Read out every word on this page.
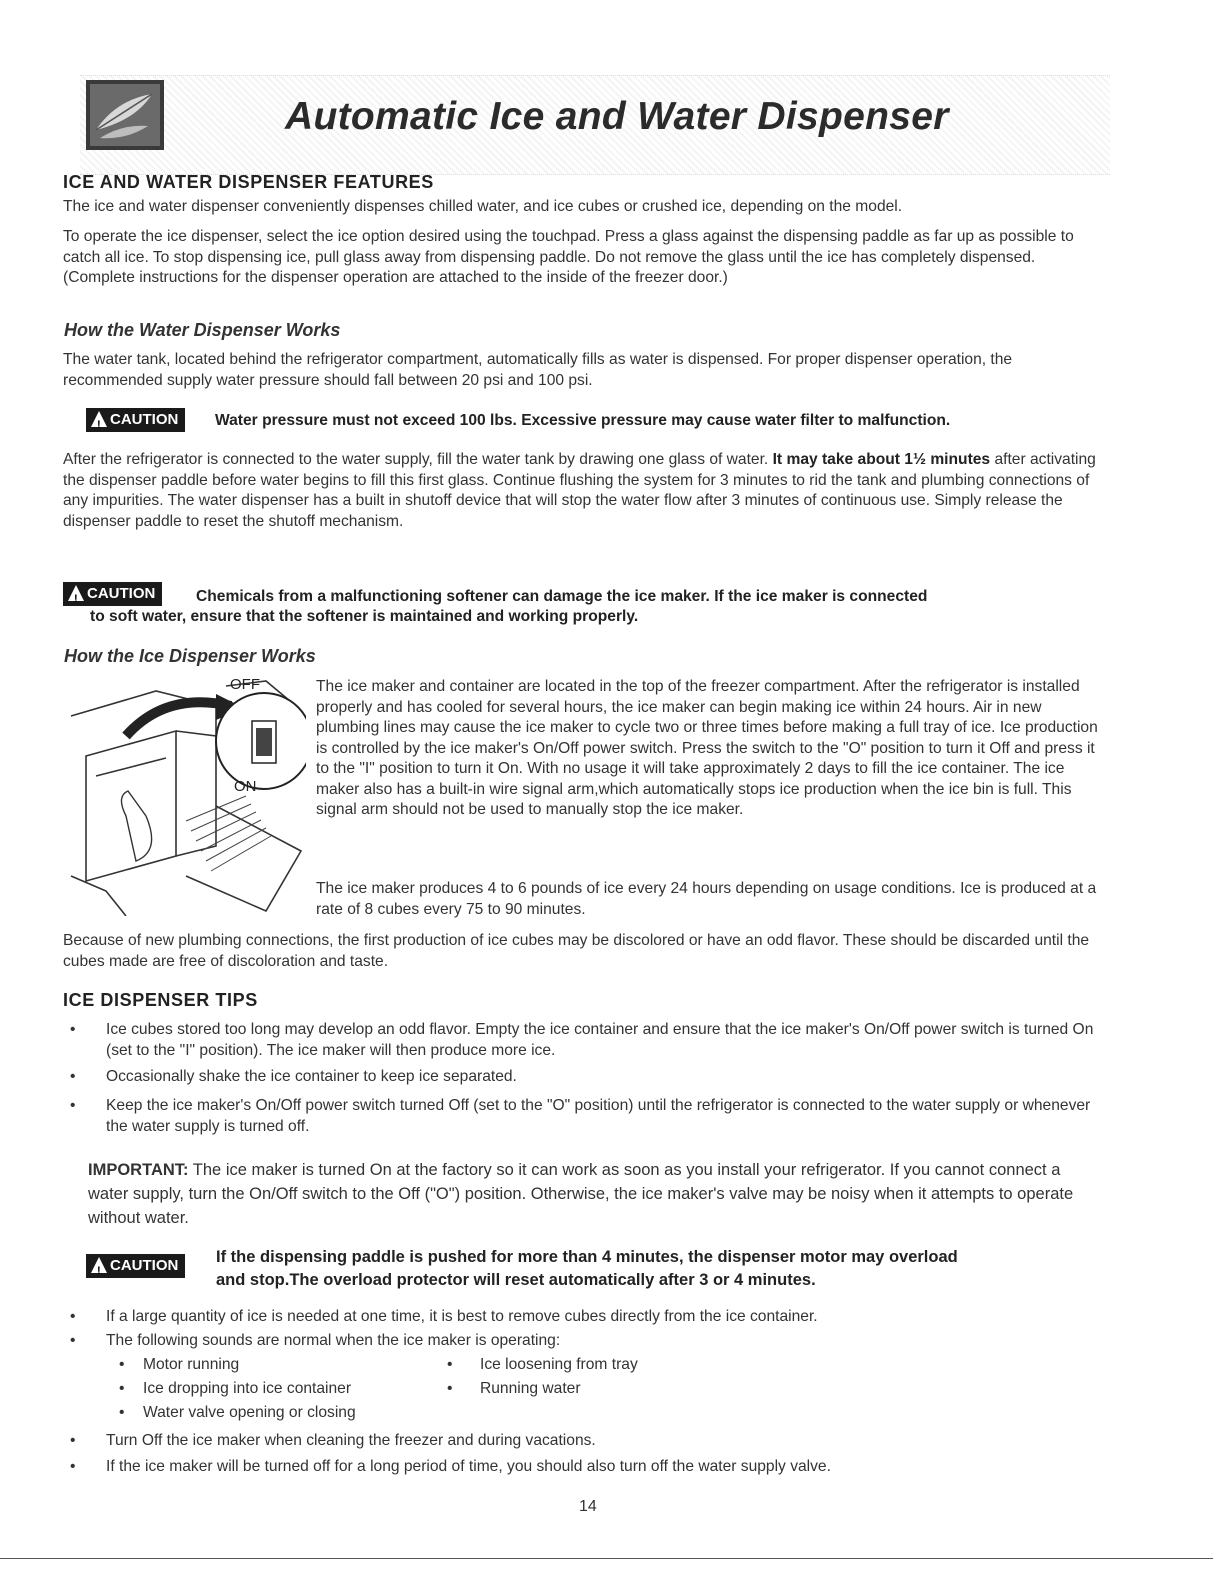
Automatic Ice and Water Dispenser
ICE AND WATER DISPENSER FEATURES
The ice and water dispenser conveniently dispenses chilled water, and ice cubes or crushed ice, depending on the model.
To operate the ice dispenser, select the ice option desired using the touchpad. Press a glass against the dispensing paddle as far up as possible to catch all ice. To stop dispensing ice, pull glass away from dispensing paddle. Do not remove the glass until the ice has completely dispensed. (Complete instructions for the dispenser operation are attached to the inside of the freezer door.)
How the Water Dispenser Works
The water tank, located behind the refrigerator compartment, automatically fills as water is dispensed. For proper dispenser operation, the recommended supply water pressure should fall between 20 psi and 100 psi.
!
CAUTION	Water pressure must not exceed 100 lbs. Excessive pressure may cause water filter to malfunction.
After the refrigerator is connected to the water supply, fill the water tank by drawing one glass of water. It may take about 1½ minutes after activating the dispenser paddle before water begins to fill this first glass. Continue flushing the system for 3 minutes to rid the tank and plumbing connections of any impurities. The water dispenser has a built in shutoff device that will stop the water flow after 3 minutes of continuous use. Simply release the dispenser paddle to reset the shutoff mechanism.
!
CAUTION	Chemicals from a malfunctioning softener can damage the ice maker. If the ice maker is connected
to soft water, ensure that the softener is maintained and working properly.
How the Ice Dispenser Works
OFF
ON
The ice maker and container are located in the top of the freezer compartment. After the refrigerator is installed properly and has cooled for several hours, the ice maker can begin making ice within 24 hours. Air in new plumbing lines may cause the ice maker to cycle two or three times before making a full tray of ice. Ice production is controlled by the ice maker's On/Off power switch. Press the switch to the "O" position to turn it Off and press it to the "I" position to turn it On. With no usage it will take approximately 2 days to fill the ice container. The ice maker also has a built-in wire signal arm,which automatically stops ice production when the ice bin is full. This signal arm should not be used to manually stop the ice maker.
The ice maker produces 4 to 6 pounds of ice every 24 hours depending on usage conditions. Ice is produced at a rate of 8 cubes every 75 to 90 minutes.
Because of new plumbing connections, the first production of ice cubes may be discolored or have an odd flavor. These should be discarded until the cubes made are free of discoloration and taste.
ICE DISPENSER TIPS
• Ice cubes stored too long may develop an odd flavor. Empty the ice container and ensure that the ice maker's On/Off power switch is turned On (set to the "I" position). The ice maker will then produce more ice.
• Occasionally shake the ice container to keep ice separated.
• Keep the ice maker's On/Off power switch turned Off (set to the "O" position) until the refrigerator is connected to the water supply or whenever the water supply is turned off.
IMPORTANT: The ice maker is turned On at the factory so it can work as soon as you install your refrigerator. If you cannot connect a water supply, turn the On/Off switch to the Off ("O") position. Otherwise, the ice maker's valve may be noisy when it attempts to operate without water.
!
CAUTION	If the dispensing paddle is pushed for more than 4 minutes, the dispenser motor may overload
and stop.The overload protector will reset automatically after 3 or 4 minutes.
• If a large quantity of ice is needed at one time, it is best to remove cubes directly from the ice container.
• The following sounds are normal when the ice maker is operating:
• Motor running	• Ice loosening from tray
• Ice dropping into ice container	• Running water
• Water valve opening or closing
• Turn Off the ice maker when cleaning the freezer and during vacations.
• If the ice maker will be turned off for a long period of time, you should also turn off the water supply valve.
14
